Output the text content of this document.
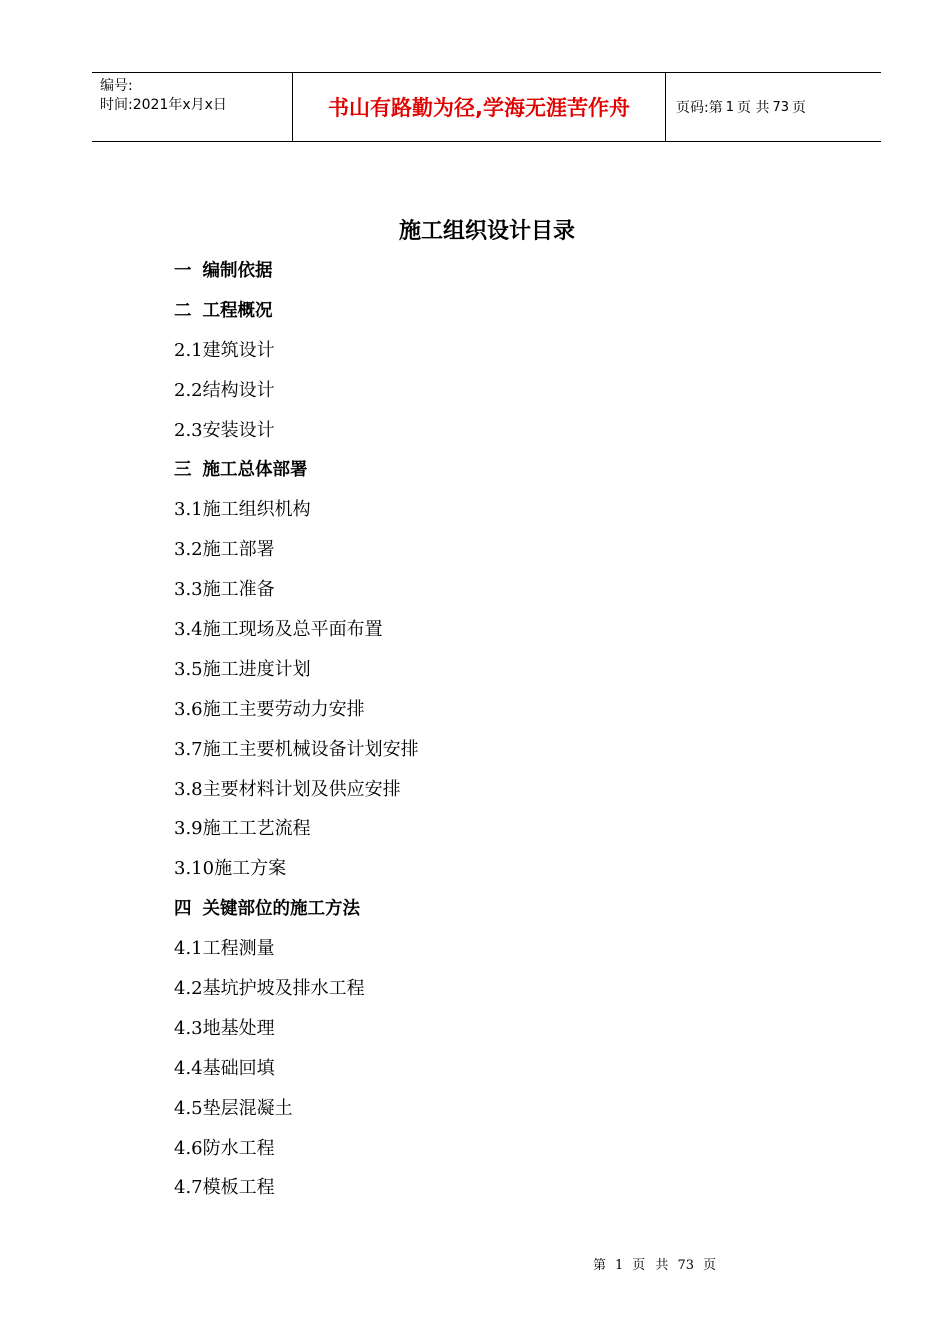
编号:
时间:2021年x月x日	书山有路勤为径,学海无涯苦作舟	页码:第 1 页 共 73 页
施工组织设计目录
一 编制依据
二 工程概况
2.1建筑设计
2.2结构设计
2.3安装设计
三 施工总体部署
3.1施工组织机构
3.2施工部署
3.3施工准备
3.4施工现场及总平面布置
3.5施工进度计划
3.6施工主要劳动力安排
3.7施工主要机械设备计划安排
3.8主要材料计划及供应安排
3.9施工工艺流程
3.10施工方案
四 关键部位的施工方法
4.1工程测量
4.2基坑护坡及排水工程
4.3地基处理
4.4基础回填
4.5垫层混凝土
4.6防水工程
4.7模板工程
第 1 页 共 73 页
